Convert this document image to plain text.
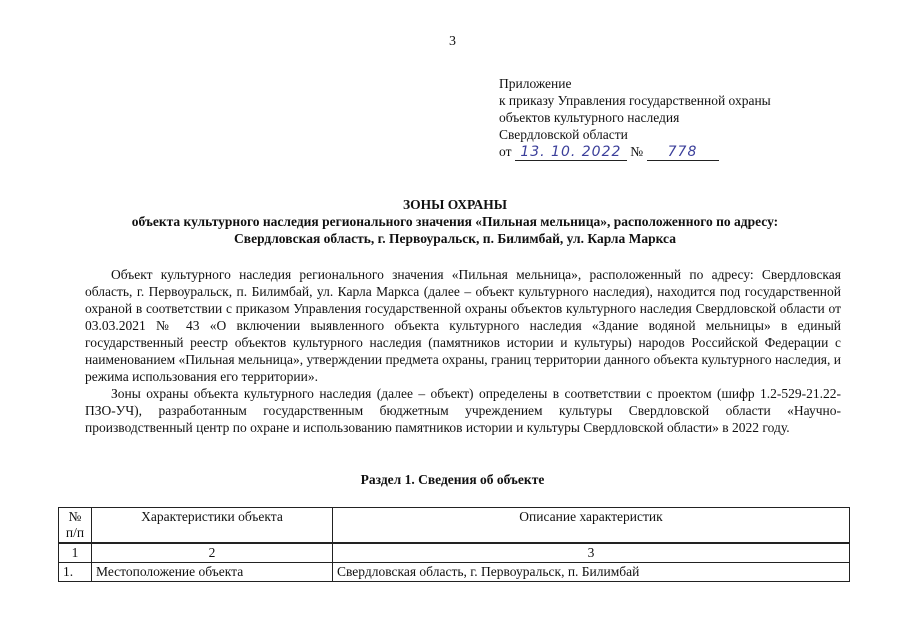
3
Приложение
к приказу Управления государственной охраны
объектов культурного наследия
Свердловской области
от 13. 10. 2022 № 778
ЗОНЫ ОХРАНЫ
объекта культурного наследия регионального значения «Пильная мельница», расположенного по адресу:
Свердловская область, г. Первоуральск, п. Билимбай, ул. Карла Маркса

Объект культурного наследия регионального значения «Пильная мельница», расположенный по адресу: Свердловская область, г. Первоуральск, п. Билимбай, ул. Карла Маркса (далее – объект культурного наследия), находится под государственной охраной в соответствии с приказом Управления государственной охраны объектов культурного наследия Свердловской области от 03.03.2021 № 43 «О включении выявленного объекта культурного наследия «Здание водяной мельницы» в единый государственный реестр объектов культурного наследия (памятников истории и культуры) народов Российской Федерации с наименованием «Пильная мельница», утверждении предмета охраны, границ территории данного объекта культурного наследия, и режима использования его территории».

Зоны охраны объекта культурного наследия (далее – объект) определены в соответствии с проектом (шифр 1.2-529-21.22-ПЗО-УЧ), разработанным государственным бюджетным учреждением культуры Свердловской области «Научно-производственный центр по охране и использованию памятников истории и культуры Свердловской области» в 2022 году.

Раздел 1. Сведения об объекте
№ п/п	Характеристики объекта	Описание характеристик
1	2	3
1.	Местоположение объекта	Свердловская область, г. Первоуральск, п. Билимбай
